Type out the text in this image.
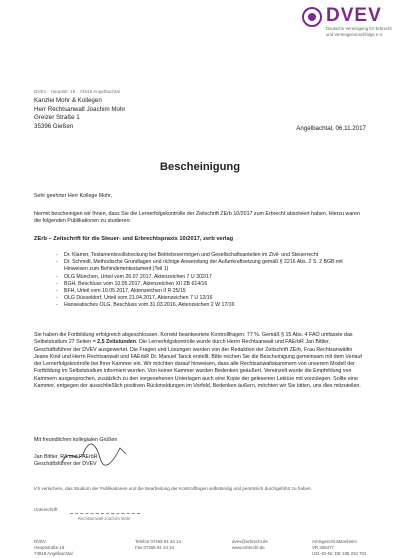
DVEV
Deutsche Vereinigung für Erbrecht und Vermögensnachfolge e.V.
DVEV · Hauptstr. 18 · 74918 Angelbachtal
Kanzlei Mohr & Kollegen
Herr Rechtsanwalt Joachim Mohr
Greizer Straße 1
35396 Gießen	Angelbachtal, 06.11.2017
Bescheinigung
Sehr geehrter Herr Kollege Mohr,
hiermit bescheinigen wir Ihnen, dass Sie die Lernerfolgskontrolle der Zeitschrift ZErb 10/2017 zum Erbrecht absolviert haben. Hierzu waren die folgenden Publikationen zu studieren:
ZErb – Zeitschrift für die Steuer- und Erbrechtspraxis 10/2017, zerb verlag
- Dr. Klamer, Testamentsvollstreckung bei Betriebsvermögen und Gesellschaftsanteilen im Zivil- und Steuerrecht
- Dr. Schmidl, Methodische Grundlagen und richtige Anwendung der Außerkraftsetzung gemäß § 2216 Abs. 2 S. 2 BGB mit Hinweisen zum Behindertentestament (Teil 1)
- OLG München, Urteil vom 26.07.2017, Aktenzeichen 7 U 302/17
- BGH, Beschluss vom 10.05.2017, Aktenzeichen XII ZB 614/16
- BFH, Urteil vom 10.05.2017, Aktenzeichen II R 25/15
- OLG Düsseldorf, Urteil vom 21.04.2017, Aktenzeichen 7 U 12/16
- Hanseatisches OLG, Beschluss vom 31.03.2016, Aktenzeichen 2 W 17/16
Sie haben die Fortbildung erfolgreich abgeschlossen. Korrekt beantwortete Kontrollfragen: 77 %. Gemäß § 15 Abs. 4 FAO umfasste das Selbststudium 27 Seiten = 2,5 Zeitstunden. Die Lernerfolgskontrolle wurde durch Herrn Rechtsanwalt und FAErbR Jan Bittler, Geschäftsführer der DVEV ausgewertet. Die Fragen und Lösungen wurden von der Redaktion der Zeitschrift ZErb, Frau Rechtsanwältin Jeane Kind und Herrn Rechtsanwalt und FAErbR Dr. Manuel Tanck erstellt. Bitte reichen Sie die Bescheinigung gemeinsam mit dem Verlauf der Lernerfolgskontrolle bei Ihrer Kammer ein. Wir möchten darauf hinweisen, dass alle Rechtsanwaltskammern von unserem Modell der Fortbildung im Selbststudium informiert wurden. Von keiner Kammer wurden Bedenken geäußert. Vereinzelt wurde die Empfehlung von Kammern ausgesprochen, zusätzlich zu den vorgesehenen Unterlagen auch eine Kopie der gelesenen Lektüre mit vorzulegen. Sollte eine Kammer, entgegen der ausschließlich positiven Rückmeldungen im Vorfeld, Bedenken äußern, möchten wir Sie bitten, uns dies mitzuteilen.
Mit freundlichen kollegialen Grüßen
Jan Bittler, RA und FAErbR
Geschäftsführer der DVEV
Ich versichere, das Studium der Publikationen und die Bearbeitung der Kontrollfragen selbständig und persönlich durchgeführt zu haben.
Unterschrift
Rechtsanwalt Joachim Mohr
DVEV
Hauptstraße 18
74918 Angelbachtal
Telefon 07265 91 34 14
Fax 07265 91 34 34
dvev@erbrecht.de
www.erbrecht.de
Amtsgericht Mannheim
VR 305477
USt.-ID-Nr. DE 188 310 702
